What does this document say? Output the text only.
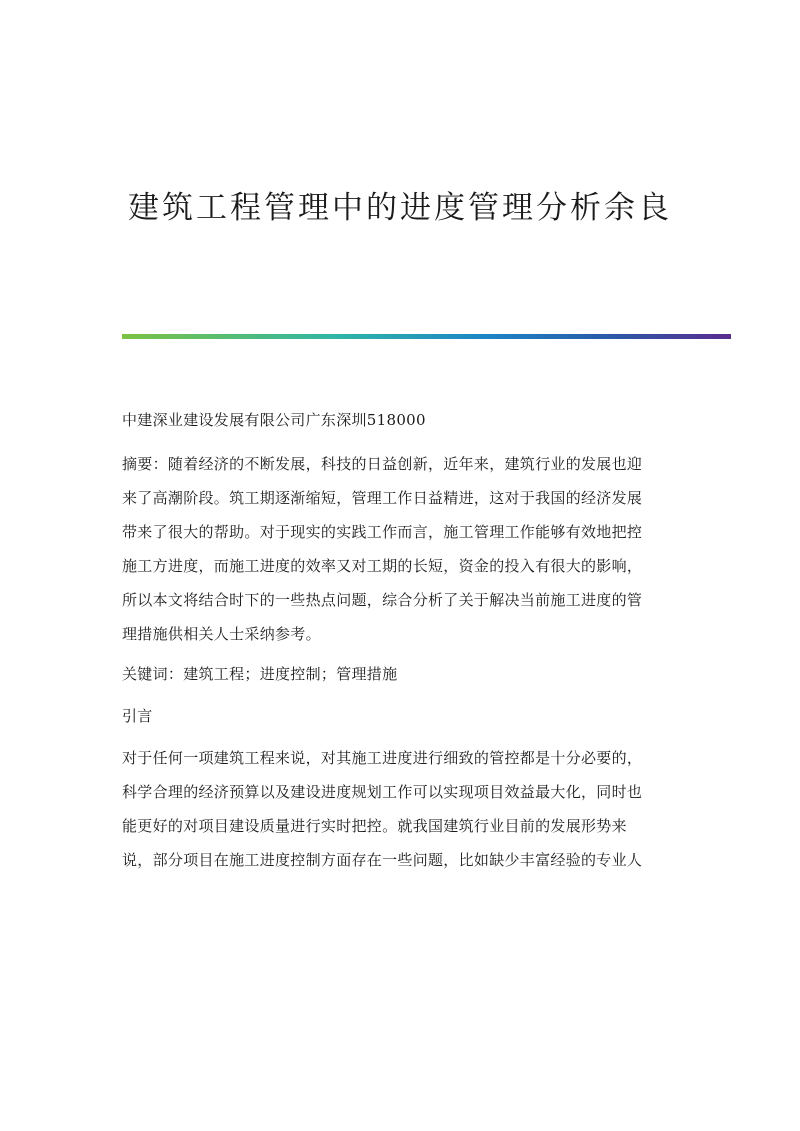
建筑工程管理中的进度管理分析余良

中建深业建设发展有限公司广东深圳518000

摘要：随着经济的不断发展，科技的日益创新，近年来，建筑行业的发展也迎
来了高潮阶段。筑工期逐渐缩短，管理工作日益精进，这对于我国的经济发展
带来了很大的帮助。对于现实的实践工作而言，施工管理工作能够有效地把控
施工方进度，而施工进度的效率又对工期的长短，资金的投入有很大的影响，
所以本文将结合时下的一些热点问题，综合分析了关于解决当前施工进度的管
理措施供相关人士采纳参考。

关键词：建筑工程；进度控制；管理措施

引言

对于任何一项建筑工程来说，对其施工进度进行细致的管控都是十分必要的，
科学合理的经济预算以及建设进度规划工作可以实现项目效益最大化，同时也
能更好的对项目建设质量进行实时把控。就我国建筑行业目前的发展形势来
说，部分项目在施工进度控制方面存在一些问题，比如缺少丰富经验的专业人
